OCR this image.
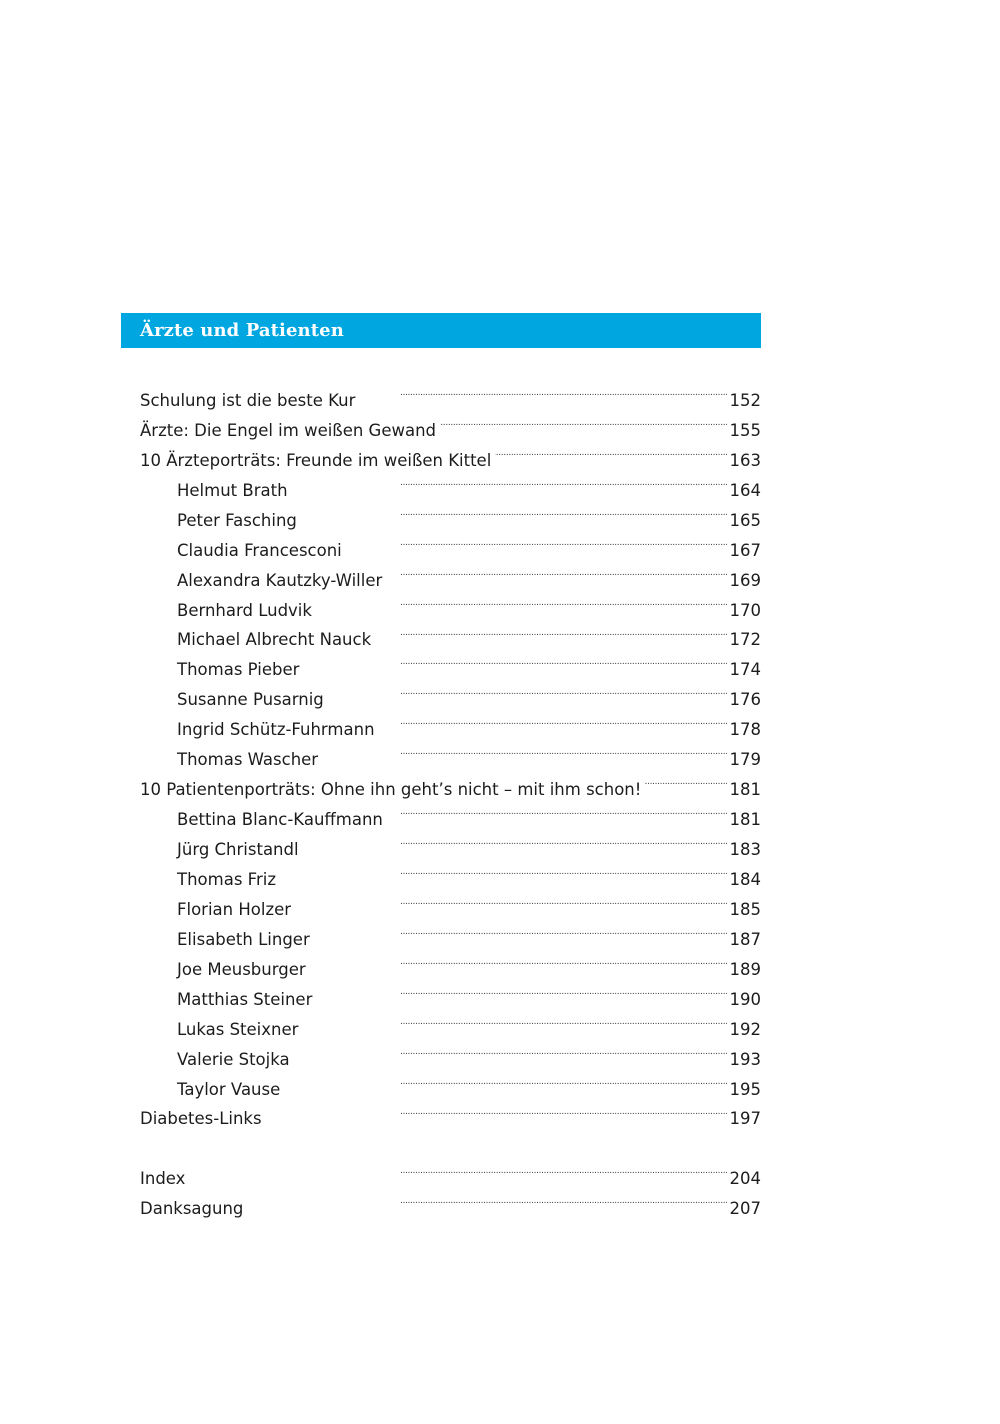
Ärzte und Patienten
Schulung ist die beste Kur . . .	152
Ärzte: Die Engel im weißen Gewand . . .	155
10 Ärzteporträts: Freunde im weißen Kittel . . .	163
Helmut Brath . . .	164
Peter Fasching . . .	165
Claudia Francesconi . . .	167
Alexandra Kautzky-Willer . . .	169
Bernhard Ludvik . . .	170
Michael Albrecht Nauck . . .	172
Thomas Pieber . . .	174
Susanne Pusarnig . . .	176
Ingrid Schütz-Fuhrmann . . .	178
Thomas Wascher . . .	179
10 Patientenporträts: Ohne ihn geht’s nicht – mit ihm schon! . . .	181
Bettina Blanc-Kauffmann . . .	181
Jürg Christandl . . .	183
Thomas Friz . . .	184
Florian Holzer . . .	185
Elisabeth Linger . . .	187
Joe Meusburger . . .	189
Matthias Steiner . . .	190
Lukas Steixner . . .	192
Valerie Stojka . . .	193
Taylor Vause . . .	195
Diabetes-Links . . .	197
Index . . .	204
Danksagung . . .	207
